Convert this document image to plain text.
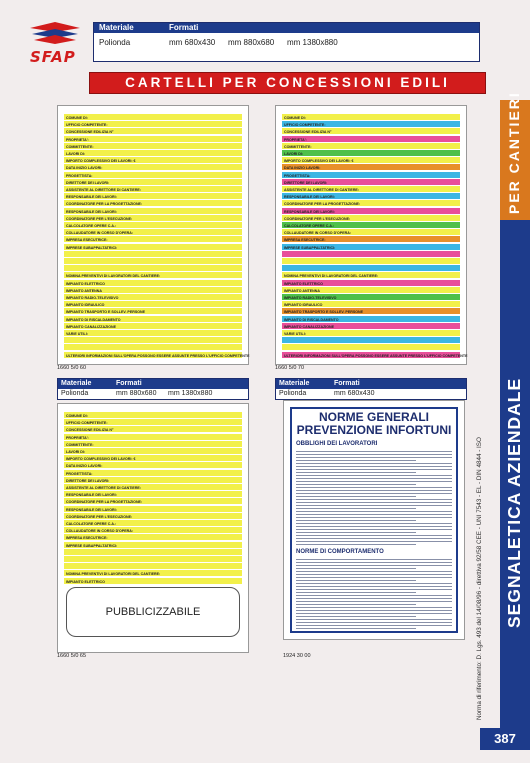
SFAP
Materiale	Formati
Polionda	mm 680x430 mm 880x680 mm 1380x880
CARTELLI PER CONCESSIONI EDILI
SEGNALETICA AZIENDALE
PER CANTIERI
Norma di riferimento: D. Lgs. 493 del 14/08/96 - direttiva 92/58 CEE - UNI 7543 - EL - DIN 4844 - ISO
387
COMUNE DI:
UFFICIO COMPETENTE:
CONCESSIONE EDILIZIA N°
PROPRIETA':
COMMITTENTE:
LAVORI DI:
IMPORTO COMPLESSIVO DEI LAVORI: €
DATA INIZIO LAVORI:
PROGETTISTA:
DIRETTORE DEI LAVORI:
ASSISTENTE AL DIRETTORE DI CANTIERE:
RESPONSABILE DEI LAVORI:
COORDINATORE PER LA PROGETTAZIONE:
RESPONSABILE DEI LAVORI:
COORDINATORE PER L'ESECUZIONE:
CALCOLATORE OPERE C.A.:
COLLAUDATORE IN CORSO D'OPERA:
IMPRESA ESECUTRICE:
IMPRESE SUBAPPALTATRICI:
NOMINA PREVENTIVI DI LAVORATORI DEL CANTIERE:
IMPIANTO ELETTRICO
IMPIANTO ANTENNA
IMPIANTO RADIO-TELEVISIVO
IMPIANTO IDRAULICO
IMPIANTO TRASPORTO E SOLLEV. PERSONE
IMPIANTO DI RISCALDAMENTO
IMPIANTO CANALIZZAZIONE
VARIE UTILI:
ULTERIORI INFORMAZIONI SULL'OPERA POSSONO ESSERE ASSUNTE PRESSO L'UFFICIO COMPETENTE
1660 5/0 60
COMUNE DI:
UFFICIO COMPETENTE:
CONCESSIONE EDILIZIA N°
PROPRIETA':
COMMITTENTE:
LAVORI DI:
IMPORTO COMPLESSIVO DEI LAVORI: €
DATA INIZIO LAVORI:
PROGETTISTA:
DIRETTORE DEI LAVORI:
ASSISTENTE AL DIRETTORE DI CANTIERE:
RESPONSABILE DEI LAVORI:
COORDINATORE PER LA PROGETTAZIONE:
RESPONSABILE DEI LAVORI:
COORDINATORE PER L'ESECUZIONE:
CALCOLATORE OPERE C.A.:
COLLAUDATORE IN CORSO D'OPERA:
IMPRESA ESECUTRICE:
IMPRESE SUBAPPALTATRICI:
NOMINA PREVENTIVI DI LAVORATORI DEL CANTIERE:
IMPIANTO ELETTRICO
IMPIANTO ANTENNA
IMPIANTO RADIO-TELEVISIVO
IMPIANTO IDRAULICO
IMPIANTO TRASPORTO E SOLLEV. PERSONE
IMPIANTO DI RISCALDAMENTO
IMPIANTO CANALIZZAZIONE
VARIE UTILI:
ULTERIORI INFORMAZIONI SULL'OPERA POSSONO ESSERE ASSUNTE PRESSO L'UFFICIO COMPETENTE
1660 5/0 70
Materiale	Formati
Polionda	mm 880x680 mm 1380x880
PUBBLICIZZABILE
COMUNE DI:
UFFICIO COMPETENTE:
CONCESSIONE EDILIZIA N°
PROPRIETA':
COMMITTENTE:
LAVORI DI:
IMPORTO COMPLESSIVO DEI LAVORI: €
DATA INIZIO LAVORI:
PROGETTISTA:
DIRETTORE DEI LAVORI:
ASSISTENTE AL DIRETTORE DI CANTIERE:
RESPONSABILE DEI LAVORI:
COORDINATORE PER LA PROGETTAZIONE:
RESPONSABILE DEI LAVORI:
COORDINATORE PER L'ESECUZIONE:
CALCOLATORE OPERE C.A.:
COLLAUDATORE IN CORSO D'OPERA:
IMPRESA ESECUTRICE:
IMPRESE SUBAPPALTATRICI:
NOMINA PREVENTIVI DI LAVORATORI DEL CANTIERE:
IMPIANTO ELETTRICO
1660 5/0 65
Materiale	Formati
Polionda	mm 680x430
NORME GENERALI
PREVENZIONE INFORTUNI
OBBLIGHI DEI LAVORATORI
NORME DI COMPORTAMENTO
1924 30 00
